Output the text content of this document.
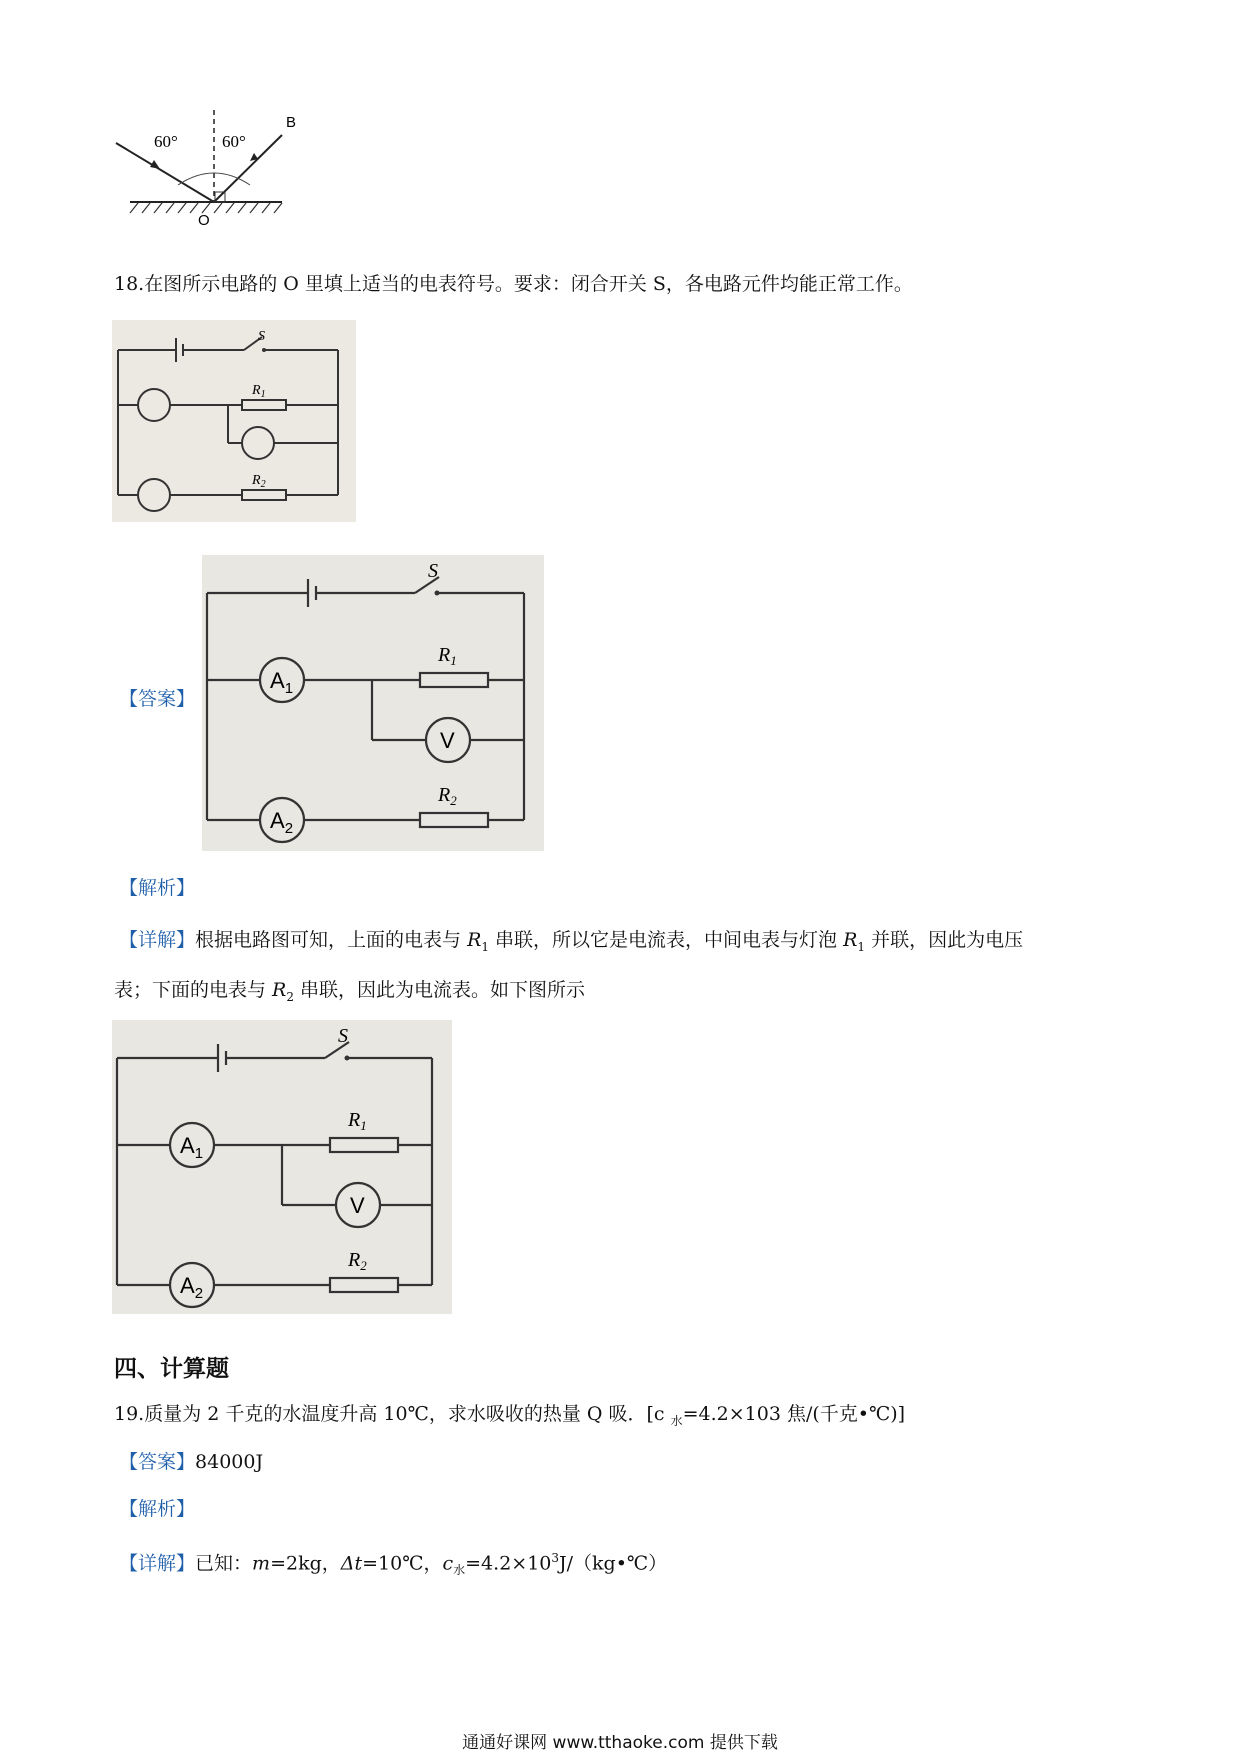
60°	60°
B
O
18.在图所示电路的 O 里填上适当的电表符号。要求：闭合开关 S，各电路元件均能正常工作。
S
$R_1$
$R_2$
【答案】
S
$A_1$
V
$A_2$
$R_1$
$R_2$
【解析】
【详解】根据电路图可知，上面的电表与 $R_1$ 串联，所以它是电流表，中间电表与灯泡 $R_1$ 并联，因此为电压
表；下面的电表与 $R_2$ 串联，因此为电流表。如下图所示
S
$A_1$
V
$A_2$
$R_1$
$R_2$
四、计算题
19.质量为 2 千克的水温度升高 10℃，求水吸收的热量 Q 吸．[c $_水$=4.2×103 焦/(千克•℃)]
【答案】84000J
【解析】
【详解】已知：m=2kg，Δt=10℃，$c_水=4.2\times 10^3J/(kg•℃)$
通通好课网 www.tthaoke.com 提供下载
